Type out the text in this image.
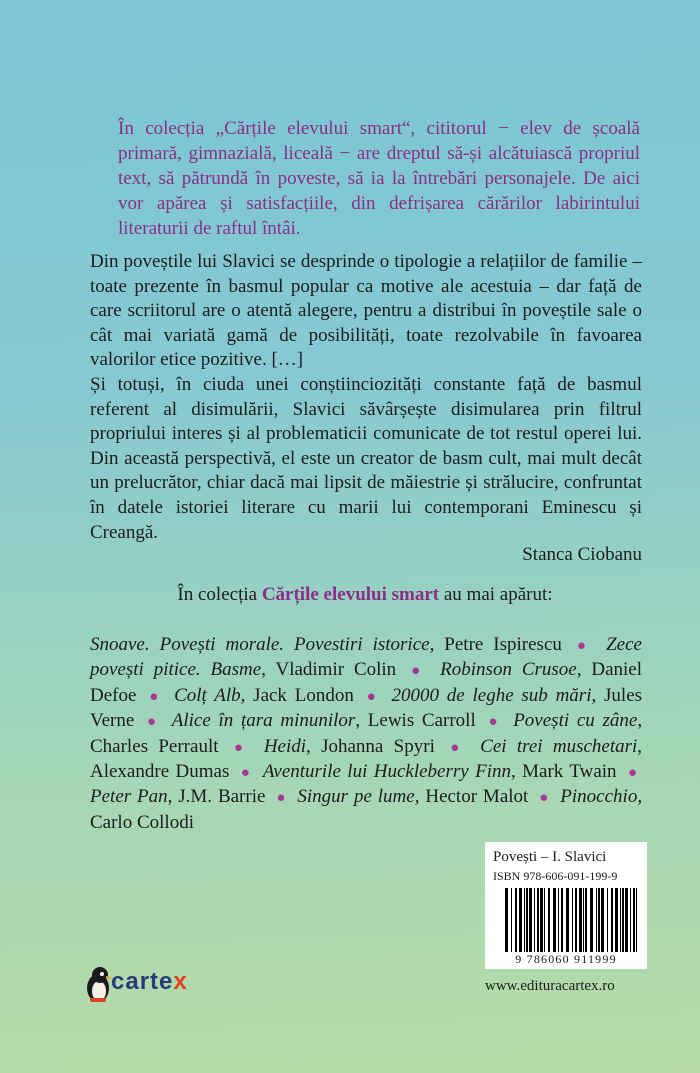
În colecția „Cărțile elevului smart“, cititorul − elev de școală primară, gimnazială, liceală − are dreptul să-și alcătuiască propriul text, să pătrundă în poveste, să ia la întrebări personajele. De aici vor apărea și satisfacțiile, din defrișarea cărărilor labirintului literaturii de raftul întâi.

Din poveștile lui Slavici se desprinde o tipologie a relațiilor de familie – toate prezente în basmul popular ca motive ale acestuia – dar față de care scriitorul are o atentă alegere, pentru a distribui în poveștile sale o cât mai variată gamă de posibilități, toate rezolvabile în favoarea valorilor etice pozitive. […]

Și totuși, în ciuda unei conștiinciozități constante față de basmul referent al disimulării, Slavici săvârșește disimularea prin filtrul propriului interes și al problematicii comunicate de tot restul operei lui. Din această perspectivă, el este un creator de basm cult, mai mult decât un prelucrător, chiar dacă mai lipsit de măiestrie și strălucire, confruntat în datele istoriei literare cu marii lui contemporani Eminescu și Creangă.

Stanca Ciobanu
În colecția Cărțile elevului smart au mai apărut:
Snoave. Povești morale. Povestiri istorice, Petre Ispirescu ● Zece povești pitice. Basme, Vladimir Colin ● Robinson Crusoe, Daniel Defoe ● Colț Alb, Jack London ● 20000 de leghe sub mări, Jules Verne ● Alice în țara minunilor, Lewis Carroll ● Povești cu zâne, Charles Perrault ● Heidi, Johanna Spyri ● Cei trei muschetari, Alexandre Dumas ● Aventurile lui Huckleberry Finn, Mark Twain ● Peter Pan, J.M. Barrie ● Singur pe lume, Hector Malot ● Pinocchio, Carlo Collodi
Povești – I. Slavici
ISBN 978-606-091-199-9
9 786060 911999
www.edituracartex.ro
cartex
